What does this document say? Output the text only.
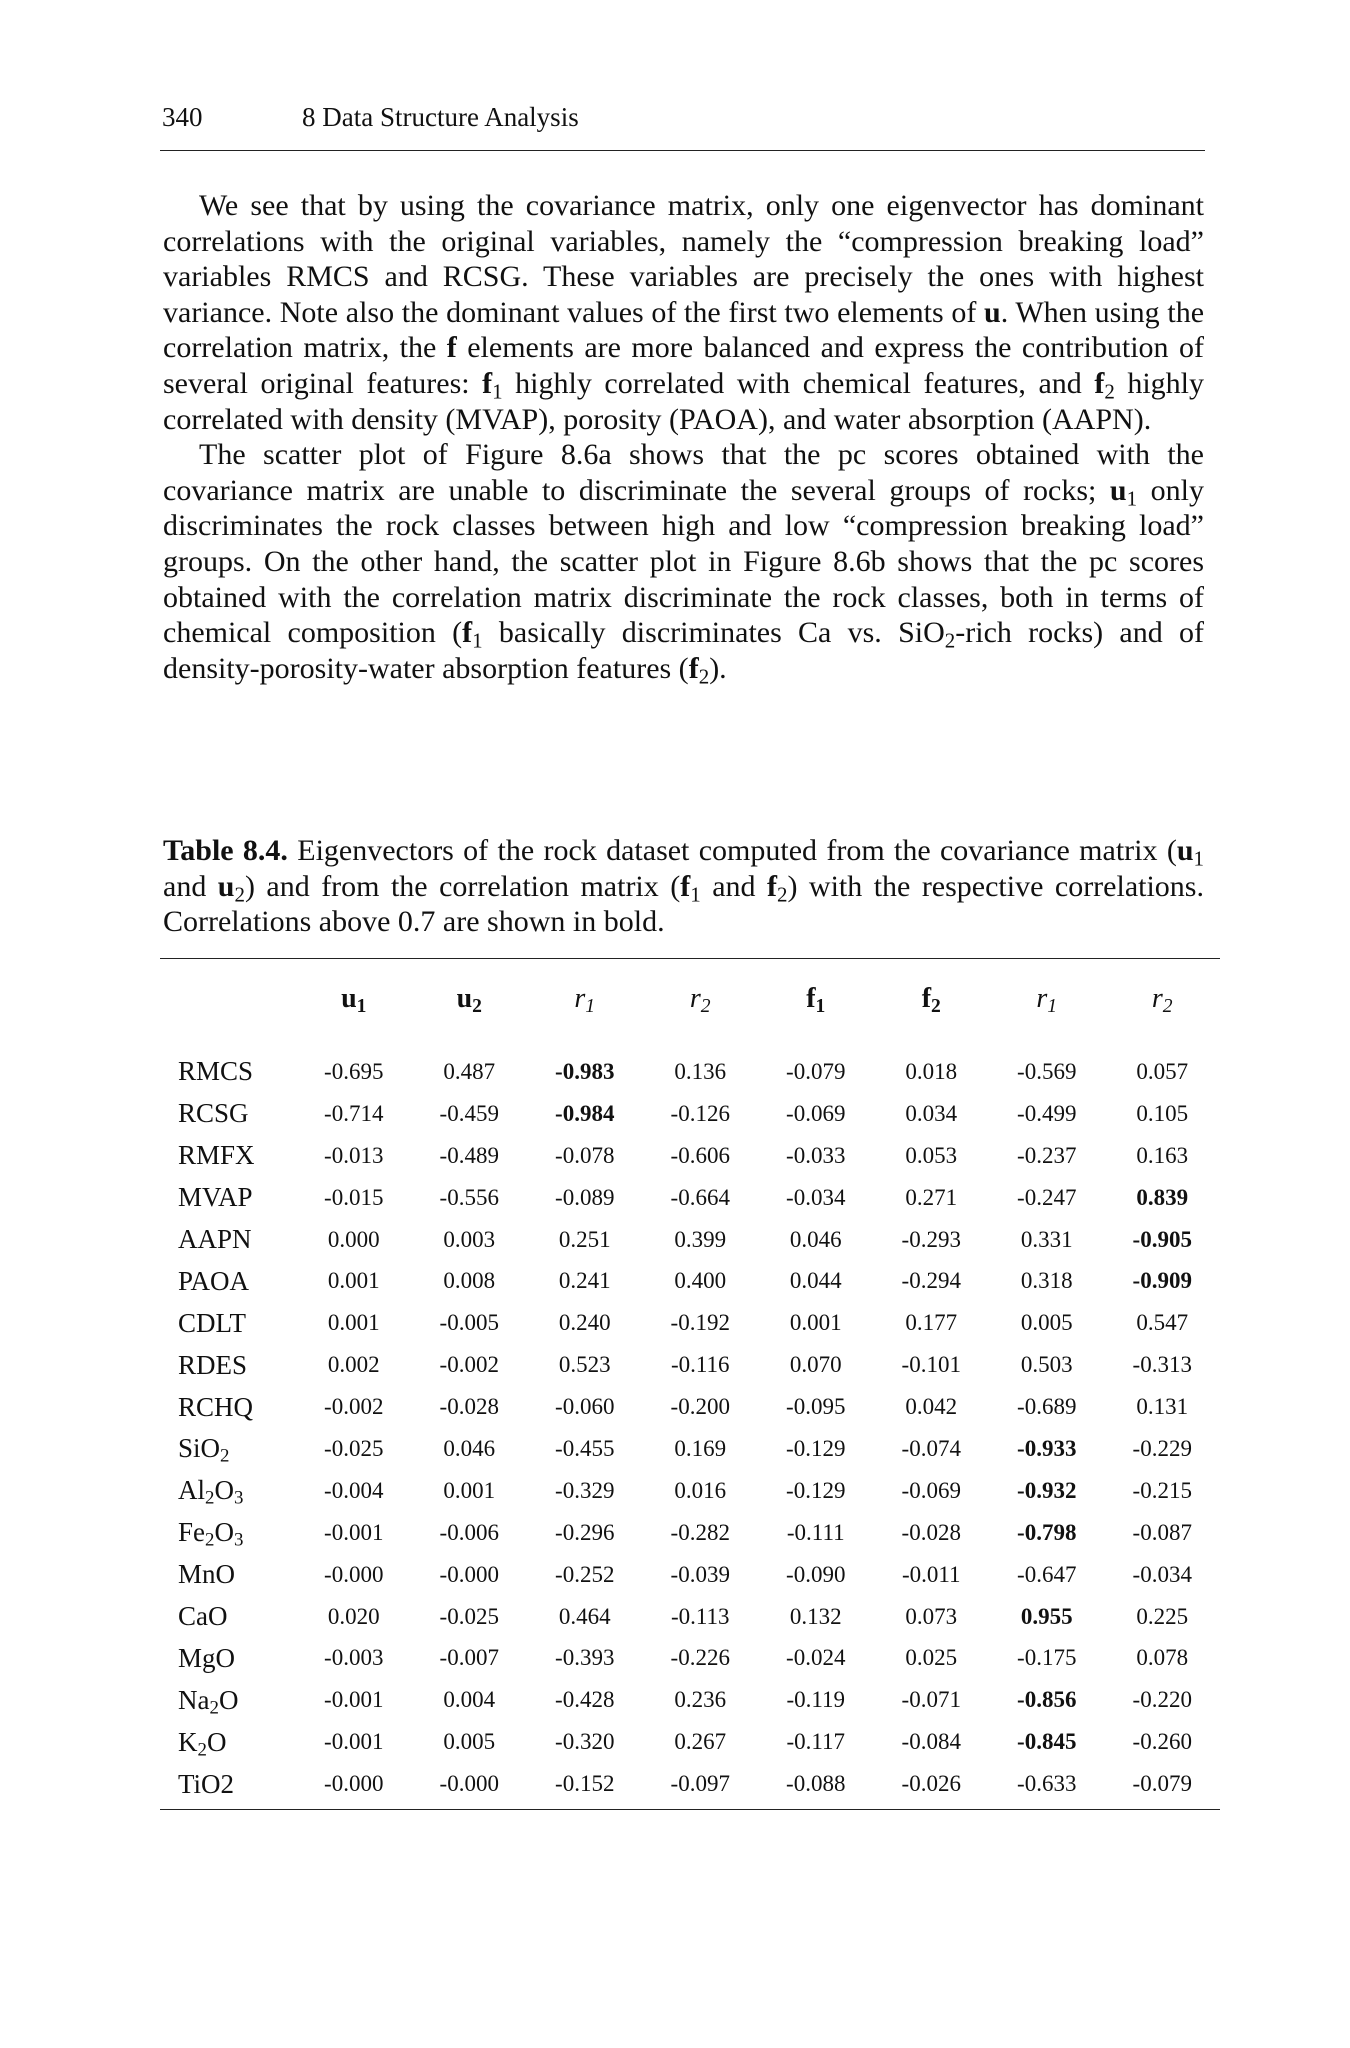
340	8 Data Structure Analysis

We see that by using the covariance matrix, only one eigenvector has dominant correlations with the original variables, namely the “compression breaking load” variables RMCS and RCSG. These variables are precisely the ones with highest variance. Note also the dominant values of the first two elements of u. When using the correlation matrix, the f elements are more balanced and express the contribution of several original features: $f_1$ highly correlated with chemical features, and $f_2$ highly correlated with density (MVAP), porosity (PAOA), and water absorption (AAPN).

The scatter plot of Figure 8.6a shows that the pc scores obtained with the covariance matrix are unable to discriminate the several groups of rocks; $u_1$ only discriminates the rock classes between high and low “compression breaking load” groups. On the other hand, the scatter plot in Figure 8.6b shows that the pc scores obtained with the correlation matrix discriminate the rock classes, both in terms of chemical composition ($f_1$ basically discriminates Ca vs. SiO$_2$-rich rocks) and of density-porosity-water absorption features $(f_2)$.

Table 8.4. Eigenvectors of the rock dataset computed from the covariance matrix ($u_1$ and $u_2$) and from the correlation matrix ($f_1$ and $f_2$) with the respective correlations. Correlations above 0.7 are shown in bold.
	$u_1$	$u_2$	$r_1$	$r_2$	$f_1$	$f_2$	$r_1$	$r_2$
RMCS	-0.695	0.487	-0.983	0.136	-0.079	0.018	-0.569	0.057
RCSG	-0.714	-0.459	-0.984	-0.126	-0.069	0.034	-0.499	0.105
RMFX	-0.013	-0.489	-0.078	-0.606	-0.033	0.053	-0.237	0.163
MVAP	-0.015	-0.556	-0.089	-0.664	-0.034	0.271	-0.247	0.839
AAPN	0.000	0.003	0.251	0.399	0.046	-0.293	0.331	-0.905
PAOA	0.001	0.008	0.241	0.400	0.044	-0.294	0.318	-0.909
CDLT	0.001	-0.005	0.240	-0.192	0.001	0.177	0.005	0.547
RDES	0.002	-0.002	0.523	-0.116	0.070	-0.101	0.503	-0.313
RCHQ	-0.002	-0.028	-0.060	-0.200	-0.095	0.042	-0.689	0.131
SiO$_2$	-0.025	0.046	-0.455	0.169	-0.129	-0.074	-0.933	-0.229
$Al_2O_3$	-0.004	0.001	-0.329	0.016	-0.129	-0.069	-0.932	-0.215
$Fe_2O_3$	-0.001	-0.006	-0.296	-0.282	-0.111	-0.028	-0.798	-0.087
MnO	-0.000	-0.000	-0.252	-0.039	-0.090	-0.011	-0.647	-0.034
CaO	0.020	-0.025	0.464	-0.113	0.132	0.073	0.955	0.225
MgO	-0.003	-0.007	-0.393	-0.226	-0.024	0.025	-0.175	0.078
$Na_2O$	-0.001	0.004	-0.428	0.236	-0.119	-0.071	-0.856	-0.220
$K_2O$	-0.001	0.005	-0.320	0.267	-0.117	-0.084	-0.845	-0.260
TiO2	-0.000	-0.000	-0.152	-0.097	-0.088	-0.026	-0.633	-0.079
